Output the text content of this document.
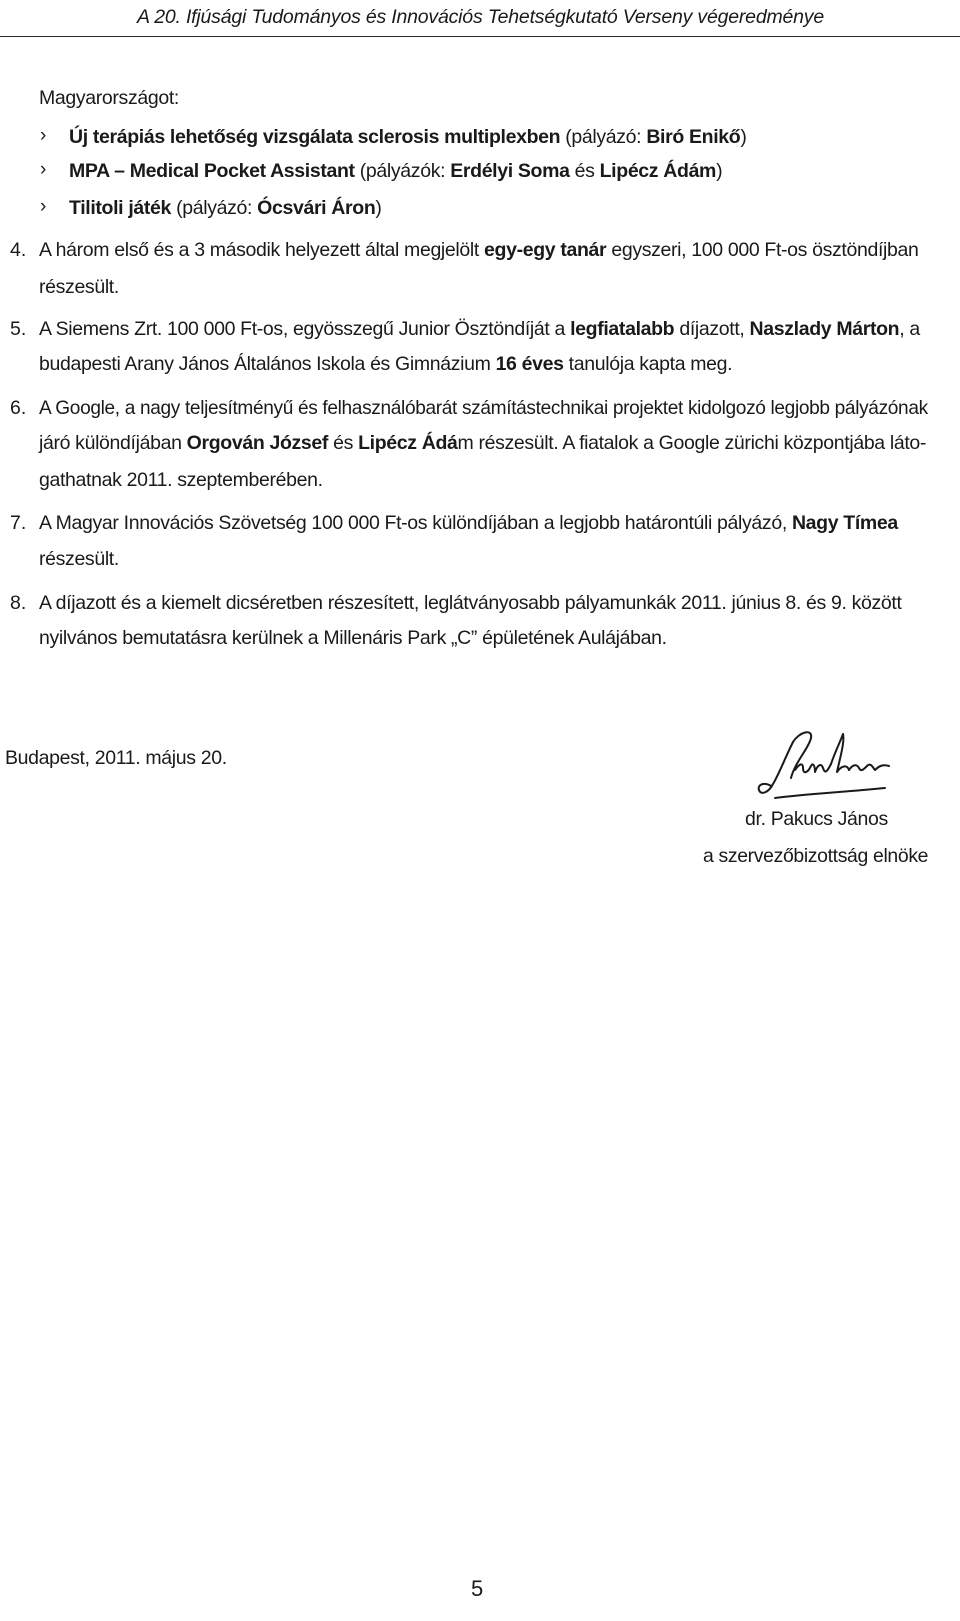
A 20. Ifjúsági Tudományos és Innovációs Tehetségkutató Verseny végeredménye
Magyarországot:
› Új terápiás lehetőség vizsgálata sclerosis multiplexben (pályázó: Biró Enikő)
› MPA – Medical Pocket Assistant (pályázók: Erdélyi Soma és Lipécz Ádám)
› Tilitoli játék (pályázó: Ócsvári Áron)
4. A három első és a 3 második helyezett által megjelölt egy-egy tanár egyszeri, 100 000 Ft-os ösztöndíjban
részesült.
5. A Siemens Zrt. 100 000 Ft-os, egyösszegű Junior Ösztöndíját a legfiatalabb díjazott, Naszlady Márton, a
budapesti Arany János Általános Iskola és Gimnázium 16 éves tanulója kapta meg.
6. A Google, a nagy teljesítményű és felhasználóbarát számítástechnikai projektet kidolgozó legjobb pályázónak
járó különdíjában Orgován József és Lipécz Ádám részesült. A fiatalok a Google zürichi központjába láto-
gathatnak 2011. szeptemberében.
7. A Magyar Innovációs Szövetség 100 000 Ft-os különdíjában a legjobb határontúli pályázó, Nagy Tímea
részesült.
8. A díjazott és a kiemelt dicséretben részesített, leglátványosabb pályamunkák 2011. június 8. és 9. között
nyilvános bemutatásra kerülnek a Millenáris Park „C” épületének Aulájában.
Budapest, 2011. május 20.
dr. Pakucs János
a szervezőbizottság elnöke
5
